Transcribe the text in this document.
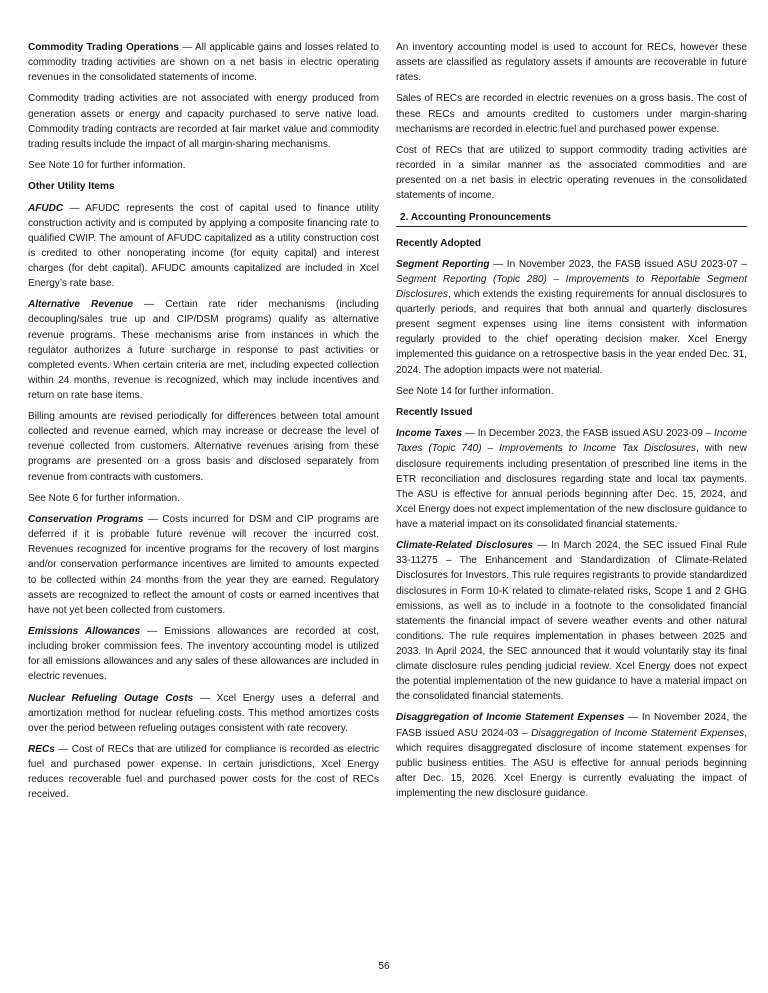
Commodity Trading Operations — All applicable gains and losses related to commodity trading activities are shown on a net basis in electric operating revenues in the consolidated statements of income.

Commodity trading activities are not associated with energy produced from generation assets or energy and capacity purchased to serve native load. Commodity trading contracts are recorded at fair market value and commodity trading results include the impact of all margin-sharing mechanisms.

See Note 10 for further information.

Other Utility Items

AFUDC — AFUDC represents the cost of capital used to finance utility construction activity and is computed by applying a composite financing rate to qualified CWIP. The amount of AFUDC capitalized as a utility construction cost is credited to other nonoperating income (for equity capital) and interest charges (for debt capital). AFUDC amounts capitalized are included in Xcel Energy’s rate base.

Alternative Revenue — Certain rate rider mechanisms (including decoupling/sales true up and CIP/DSM programs) qualify as alternative revenue programs. These mechanisms arise from instances in which the regulator authorizes a future surcharge in response to past activities or completed events. When certain criteria are met, including expected collection within 24 months, revenue is recognized, which may include incentives and return on rate base items.

Billing amounts are revised periodically for differences between total amount collected and revenue earned, which may increase or decrease the level of revenue collected from customers. Alternative revenues arising from these programs are presented on a gross basis and disclosed separately from revenue from contracts with customers.

See Note 6 for further information.

Conservation Programs — Costs incurred for DSM and CIP programs are deferred if it is probable future revenue will recover the incurred cost. Revenues recognized for incentive programs for the recovery of lost margins and/or conservation performance incentives are limited to amounts expected to be collected within 24 months from the year they are earned. Regulatory assets are recognized to reflect the amount of costs or earned incentives that have not yet been collected from customers.

Emissions Allowances — Emissions allowances are recorded at cost, including broker commission fees. The inventory accounting model is utilized for all emissions allowances and any sales of these allowances are included in electric revenues.

Nuclear Refueling Outage Costs — Xcel Energy uses a deferral and amortization method for nuclear refueling costs. This method amortizes costs over the period between refueling outages consistent with rate recovery.

RECs — Cost of RECs that are utilized for compliance is recorded as electric fuel and purchased power expense. In certain jurisdictions, Xcel Energy reduces recoverable fuel and purchased power costs for the cost of RECs received.

An inventory accounting model is used to account for RECs, however these assets are classified as regulatory assets if amounts are recoverable in future rates.

Sales of RECs are recorded in electric revenues on a gross basis. The cost of these RECs and amounts credited to customers under margin-sharing mechanisms are recorded in electric fuel and purchased power expense.

Cost of RECs that are utilized to support commodity trading activities are recorded in a similar manner as the associated commodities and are presented on a net basis in electric operating revenues in the consolidated statements of income.

2. Accounting Pronouncements
Recently Adopted

Segment Reporting — In November 2023, the FASB issued ASU 2023-07 – Segment Reporting (Topic 280) – Improvements to Reportable Segment Disclosures, which extends the existing requirements for annual disclosures to quarterly periods, and requires that both annual and quarterly disclosures present segment expenses using line items consistent with information regularly provided to the chief operating decision maker. Xcel Energy implemented this guidance on a retrospective basis in the year ended Dec. 31, 2024. The adoption impacts were not material.

See Note 14 for further information.

Recently Issued

Income Taxes — In December 2023, the FASB issued ASU 2023-09 – Income Taxes (Topic 740) – Improvements to Income Tax Disclosures, with new disclosure requirements including presentation of prescribed line items in the ETR reconciliation and disclosures regarding state and local tax payments. The ASU is effective for annual periods beginning after Dec. 15, 2024, and Xcel Energy does not expect implementation of the new disclosure guidance to have a material impact on its consolidated financial statements.

Climate-Related Disclosures — In March 2024, the SEC issued Final Rule 33-11275 – The Enhancement and Standardization of Climate-Related Disclosures for Investors. This rule requires registrants to provide standardized disclosures in Form 10-K related to climate-related risks, Scope 1 and 2 GHG emissions, as well as to include in a footnote to the consolidated financial statements the financial impact of severe weather events and other natural conditions. The rule requires implementation in phases between 2025 and 2033. In April 2024, the SEC announced that it would voluntarily stay its final climate disclosure rules pending judicial review. Xcel Energy does not expect the potential implementation of the new guidance to have a material impact on the consolidated financial statements.

Disaggregation of Income Statement Expenses — In November 2024, the FASB issued ASU 2024-03 – Disaggregation of Income Statement Expenses, which requires disaggregated disclosure of income statement expenses for public business entities. The ASU is effective for annual periods beginning after Dec. 15, 2026. Xcel Energy is currently evaluating the impact of implementing the new disclosure guidance.

56
